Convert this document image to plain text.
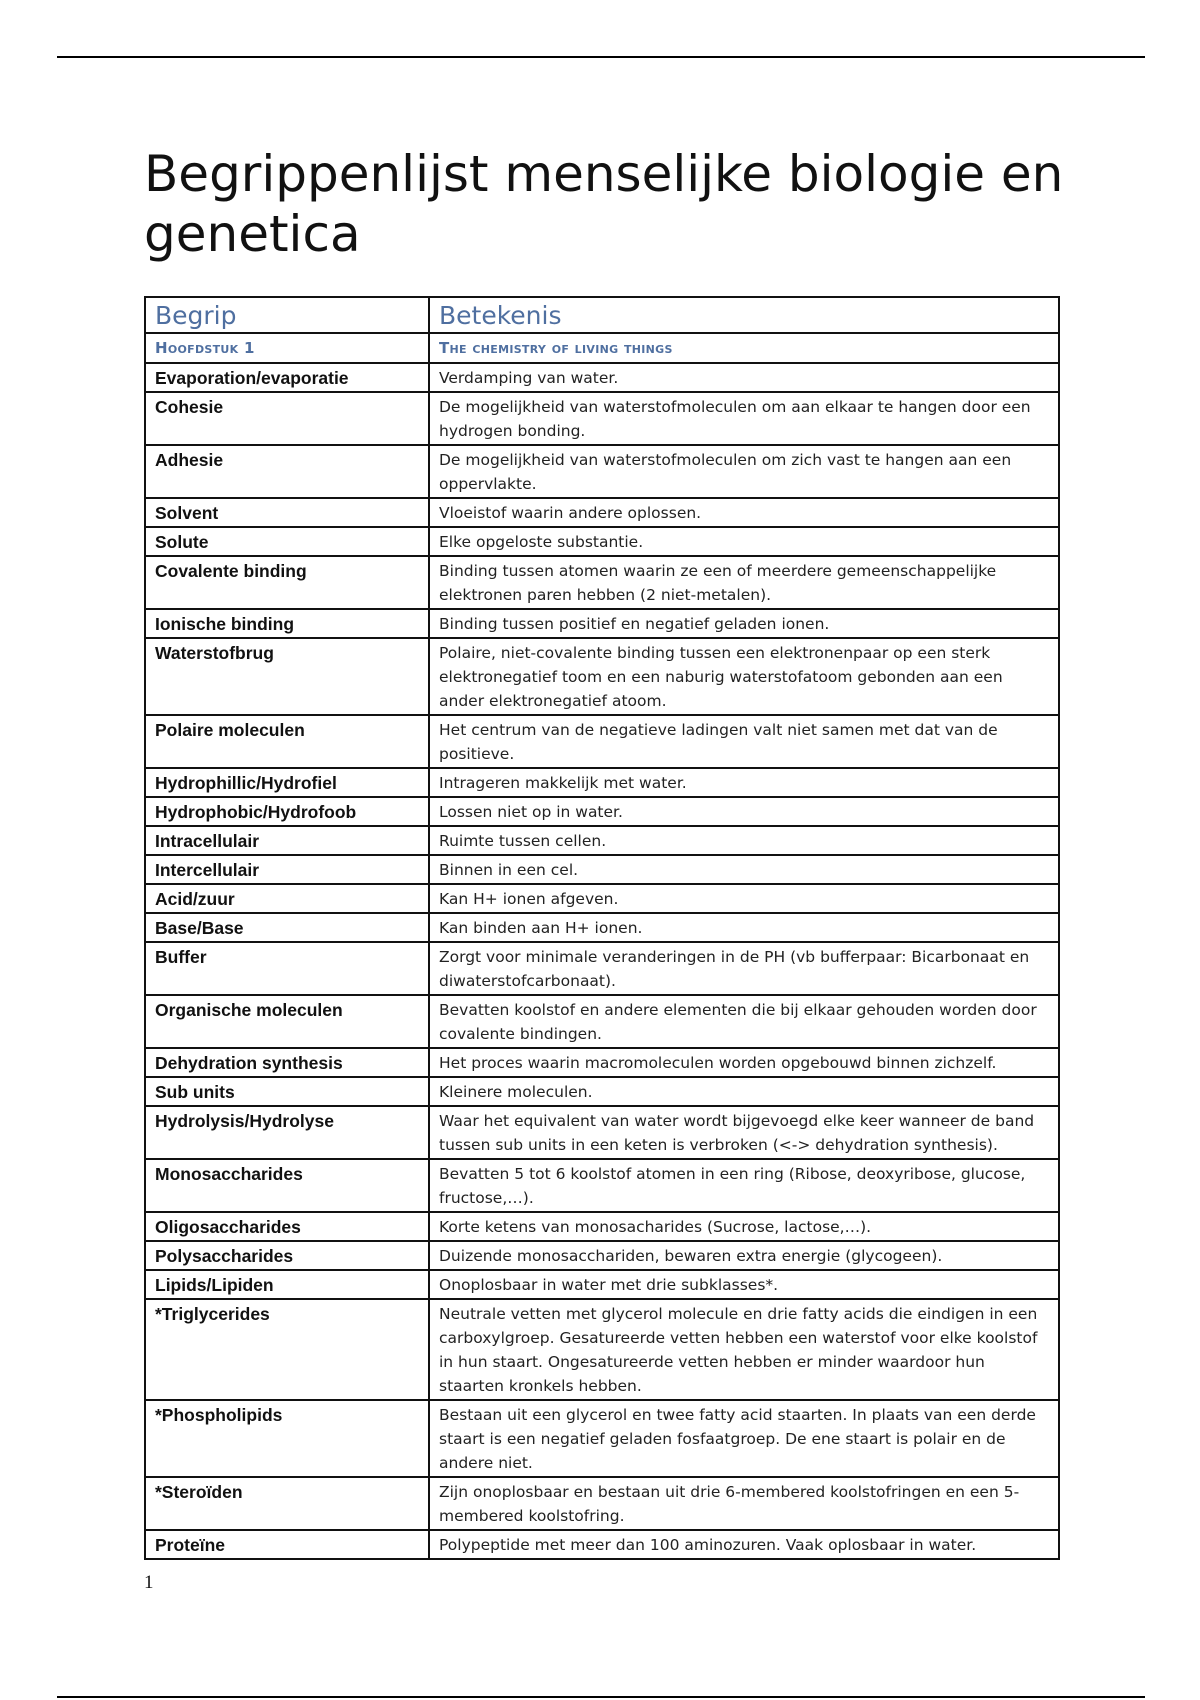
Begrippenlijst menselijke biologie en genetica
Begrip	Betekenis
Hoofdstuk 1	The chemistry of living things
Evaporation/evaporatie	Verdamping van water.
Cohesie	De mogelijkheid van waterstofmoleculen om aan elkaar te hangen door een hydrogen bonding.
Adhesie	De mogelijkheid van waterstofmoleculen om zich vast te hangen aan een oppervlakte.
Solvent	Vloeistof waarin andere oplossen.
Solute	Elke opgeloste substantie.
Covalente binding	Binding tussen atomen waarin ze een of meerdere gemeenschappelijke elektronen paren hebben (2 niet-metalen).
Ionische binding	Binding tussen positief en negatief geladen ionen.
Waterstofbrug	Polaire, niet-covalente binding tussen een elektronenpaar op een sterk elektronegatief toom en een naburig waterstofatoom gebonden aan een ander elektronegatief atoom.
Polaire moleculen	Het centrum van de negatieve ladingen valt niet samen met dat van de positieve.
Hydrophillic/Hydrofiel	Intrageren makkelijk met water.
Hydrophobic/Hydrofoob	Lossen niet op in water.
Intracellulair	Ruimte tussen cellen.
Intercellulair	Binnen in een cel.
Acid/zuur	Kan H+ ionen afgeven.
Base/Base	Kan binden aan H+ ionen.
Buffer	Zorgt voor minimale veranderingen in de PH (vb bufferpaar: Bicarbonaat en diwaterstofcarbonaat).
Organische moleculen	Bevatten koolstof en andere elementen die bij elkaar gehouden worden door covalente bindingen.
Dehydration synthesis	Het proces waarin macromoleculen worden opgebouwd binnen zichzelf.
Sub units	Kleinere moleculen.
Hydrolysis/Hydrolyse	Waar het equivalent van water wordt bijgevoegd elke keer wanneer de band tussen sub units in een keten is verbroken (<-> dehydration synthesis).
Monosaccharides	Bevatten 5 tot 6 koolstof atomen in een ring (Ribose, deoxyribose, glucose, fructose,…).
Oligosaccharides	Korte ketens van monosacharides (Sucrose, lactose,…).
Polysaccharides	Duizende monosacchariden, bewaren extra energie (glycogeen).
Lipids/Lipiden	Onoplosbaar in water met drie subklasses*.
*Triglycerides	Neutrale vetten met glycerol molecule en drie fatty acids die eindigen in een carboxylgroep. Gesatureerde vetten hebben een waterstof voor elke koolstof in hun staart. Ongesatureerde vetten hebben er minder waardoor hun staarten kronkels hebben.
*Phospholipids	Bestaan uit een glycerol en twee fatty acid staarten. In plaats van een derde staart is een negatief geladen fosfaatgroep. De ene staart is polair en de andere niet.
*Steroïden	Zijn onoplosbaar en bestaan uit drie 6-membered koolstofringen en een 5-membered koolstofring.
Proteïne	Polypeptide met meer dan 100 aminozuren. Vaak oplosbaar in water.
1
